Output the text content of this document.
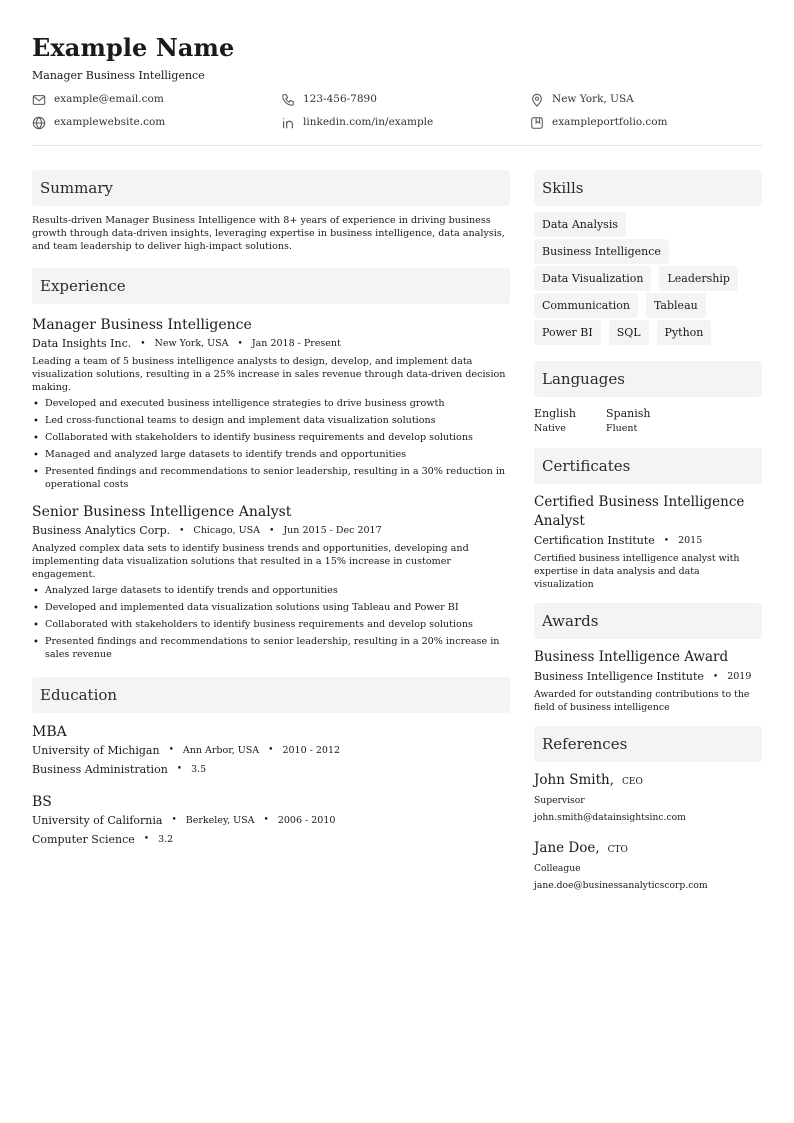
Example Name
Manager Business Intelligence
example@email.com	123-456-7890	New York, USA
examplewebsite.com	linkedin.com/in/example	exampleportfolio.com
Summary
Results-driven Manager Business Intelligence with 8+ years of experience in driving business growth through data-driven insights, leveraging expertise in business intelligence, data analysis, and team leadership to deliver high-impact solutions.
Experience
Manager Business Intelligence
Data Insights Inc. • New York, USA • Jan 2018 - Present
Leading a team of 5 business intelligence analysts to design, develop, and implement data visualization solutions, resulting in a 25% increase in sales revenue through data-driven decision making.
• Developed and executed business intelligence strategies to drive business growth
• Led cross-functional teams to design and implement data visualization solutions
• Collaborated with stakeholders to identify business requirements and develop solutions
• Managed and analyzed large datasets to identify trends and opportunities
• Presented findings and recommendations to senior leadership, resulting in a 30% reduction in operational costs
Senior Business Intelligence Analyst
Business Analytics Corp. • Chicago, USA • Jun 2015 - Dec 2017
Analyzed complex data sets to identify business trends and opportunities, developing and implementing data visualization solutions that resulted in a 15% increase in customer engagement.
• Analyzed large datasets to identify trends and opportunities
• Developed and implemented data visualization solutions using Tableau and Power BI
• Collaborated with stakeholders to identify business requirements and develop solutions
• Presented findings and recommendations to senior leadership, resulting in a 20% increase in sales revenue
Education
MBA
University of Michigan • Ann Arbor, USA • 2010 - 2012
Business Administration • 3.5
BS
University of California • Berkeley, USA • 2006 - 2010
Computer Science • 3.2
Skills
Data Analysis
Business Intelligence
Data Visualization	Leadership
Communication	Tableau
Power BI	SQL	Python
Languages
English
Native
Spanish
Fluent
Certificates
Certified Business Intelligence Analyst
Certification Institute • 2015
Certified business intelligence analyst with expertise in data analysis and data visualization
Awards
Business Intelligence Award
Business Intelligence Institute • 2019
Awarded for outstanding contributions to the field of business intelligence
References
John Smith, CEO
Supervisor
john.smith@datainsightsinc.com
Jane Doe, CTO
Colleague
jane.doe@businessanalyticscorp.com
